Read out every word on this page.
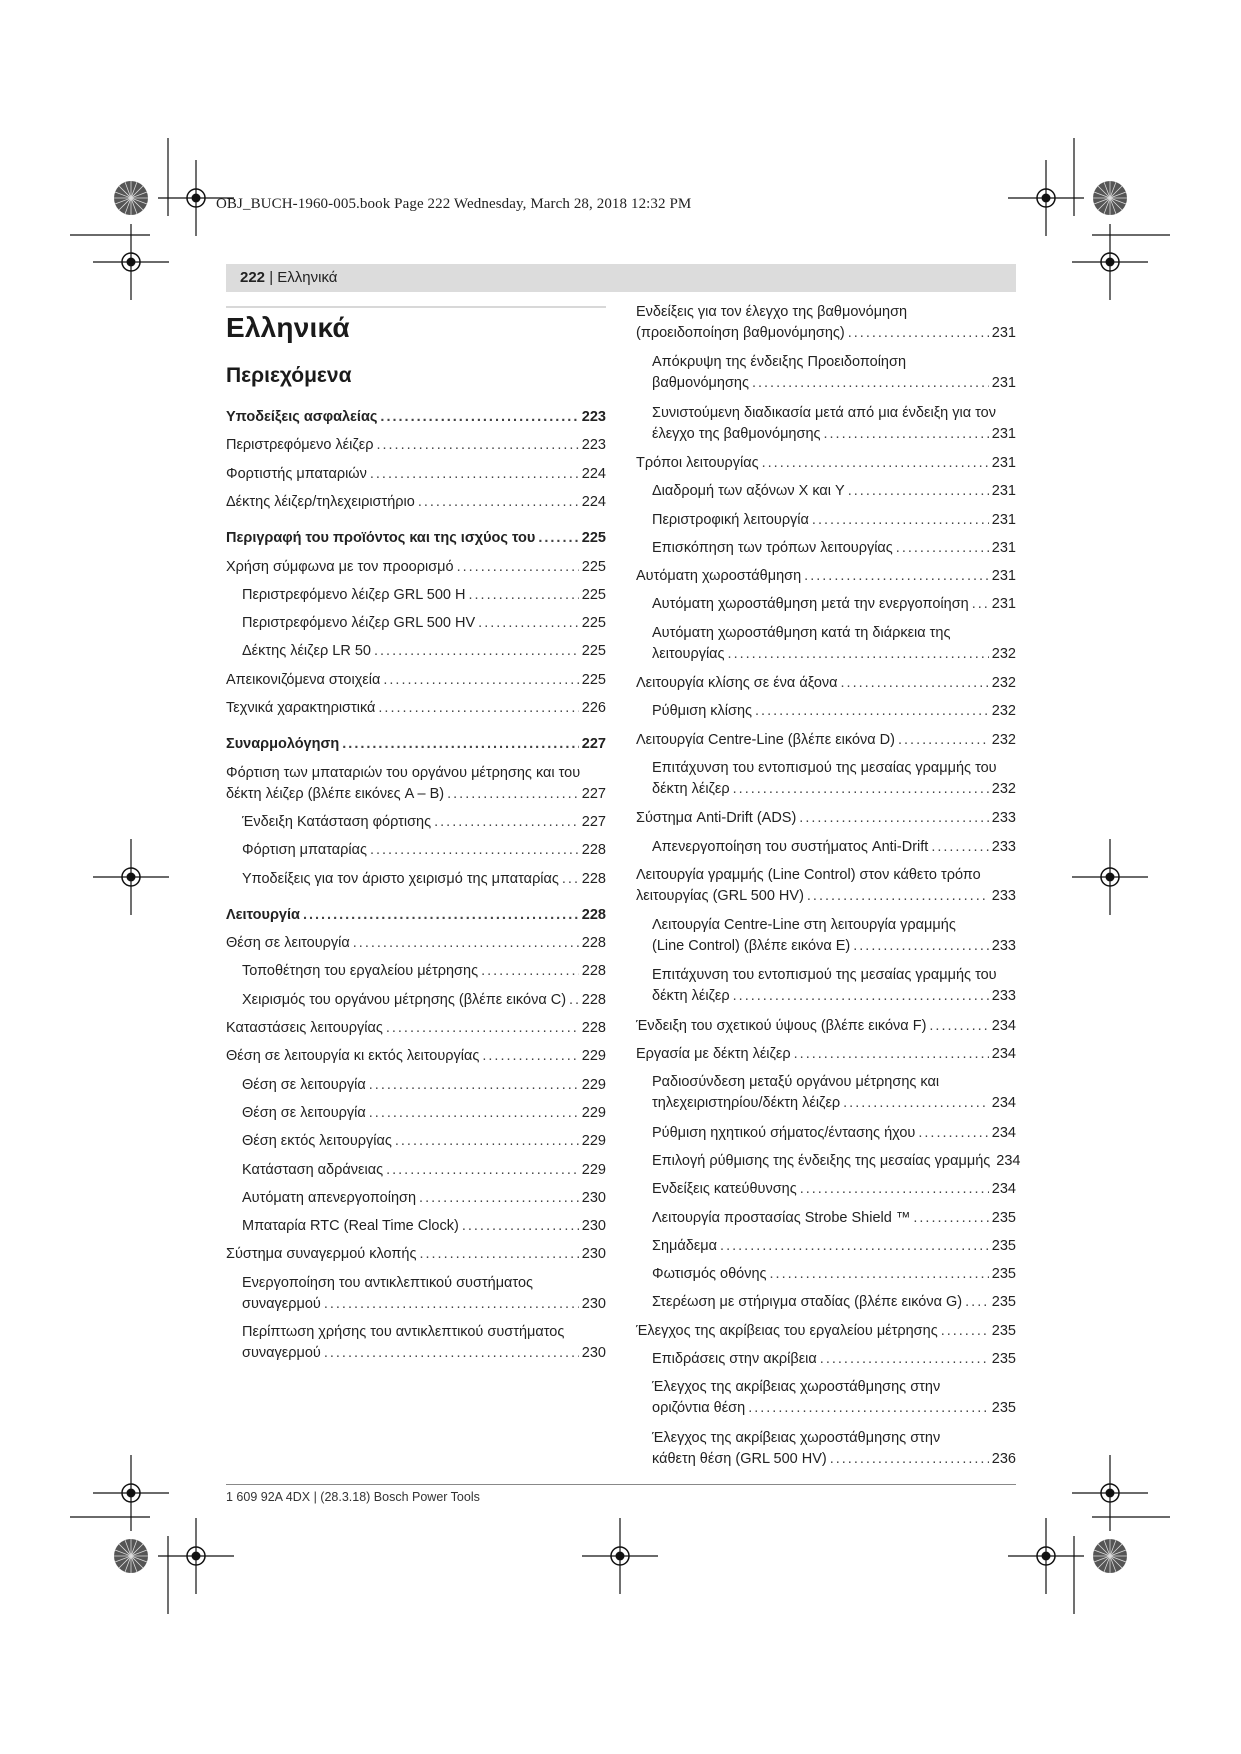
OBJ_BUCH-1960-005.book Page 222 Wednesday, March 28, 2018 12:32 PM
222 | Ελληνικά
Ελληνικά
Περιεχόμενα
Υποδείξεις ασφαλείας .....	223
Περιστρεφόμενο λέιζερ .....	223
Φορτιστής μπαταριών .....	224
Δέκτης λέιζερ/τηλεχειριστήριο .....	224
Περιγραφή του προϊόντος και της ισχύος του .....	225
Χρήση σύμφωνα με τον προορισμό .....	225
Περιστρεφόμενο λέιζερ GRL 500 H .....	225
Περιστρεφόμενο λέιζερ GRL 500 HV .....	225
Δέκτης λέιζερ LR 50 .....	225
Απεικονιζόμενα στοιχεία .....	225
Τεχνικά χαρακτηριστικά .....	226
Συναρμολόγηση .....	227
Φόρτιση των μπαταριών του οργάνου μέτρησης και του
δέκτη λέιζερ (βλέπε εικόνες A – B) .....	227
Ένδειξη Κατάσταση φόρτισης .....	227
Φόρτιση μπαταρίας .....	228
Υποδείξεις για τον άριστο χειρισμό της μπαταρίας ..... 228
Λειτουργία .....	228
Θέση σε λειτουργία .....	228
Τοποθέτηση του εργαλείου μέτρησης .....	228
Χειρισμός του οργάνου μέτρησης (βλέπε εικόνα C) ..... 228
Καταστάσεις λειτουργίας .....	228
Θέση σε λειτουργία κι εκτός λειτουργίας .....	229
Θέση σε λειτουργία .....	229
Θέση σε λειτουργία .....	229
Θέση εκτός λειτουργίας .....	229
Κατάσταση αδράνειας .....	229
Αυτόματη απενεργοποίηση .....	230
Μπαταρία RTC (Real Time Clock) .....	230
Σύστημα συναγερμού κλοπής .....	230
Ενεργοποίηση του αντικλεπτικού συστήματος
συναγερμού .....	230
Περίπτωση χρήσης του αντικλεπτικού συστήματος
συναγερμού .....	230
Ενδείξεις για τον έλεγχο της βαθμονόμηση
(προειδοποίηση βαθμονόμησης) .....	231
Απόκρυψη της ένδειξης Προειδοποίηση
βαθμονόμησης .....	231
Συνιστούμενη διαδικασία μετά από μια ένδειξη για τον
έλεγχο της βαθμονόμησης .....	231
Τρόποι λειτουργίας .....	231
Διαδρομή των αξόνων X και Y .....	231
Περιστροφική λειτουργία .....	231
Επισκόπηση των τρόπων λειτουργίας .....	231
Αυτόματη χωροστάθμηση .....	231
Αυτόματη χωροστάθμηση μετά την ενεργοποίηση ..... 231
Αυτόματη χωροστάθμηση κατά τη διάρκεια της
λειτουργίας .....	232
Λειτουργία κλίσης σε ένα άξονα .....	232
Ρύθμιση κλίσης .....	232
Λειτουργία Centre-Line (βλέπε εικόνα D) .....	232
Επιτάχυνση του εντοπισμού της μεσαίας γραμμής του
δέκτη λέιζερ .....	232
Σύστημα Anti-Drift (ADS) .....	233
Απενεργοποίηση του συστήματος Anti-Drift .....	233
Λειτουργία γραμμής (Line Control) στον κάθετο τρόπο
λειτουργίας (GRL 500 HV) .....	233
Λειτουργία Centre-Line στη λειτουργία γραμμής
(Line Control) (βλέπε εικόνα E) .....	233
Επιτάχυνση του εντοπισμού της μεσαίας γραμμής του
δέκτη λέιζερ .....	233
Ένδειξη του σχετικού ύψους (βλέπε εικόνα F) .....	234
Εργασία με δέκτη λέιζερ .....	234
Ραδιοσύνδεση μεταξύ οργάνου μέτρησης και
τηλεχειριστηρίου/δέκτη λέιζερ .....	234
Ρύθμιση ηχητικού σήματος/έντασης ήχου .....	234
Επιλογή ρύθμισης της ένδειξης της μεσαίας γραμμής 234
Ενδείξεις κατεύθυνσης .....	234
Λειτουργία προστασίας Strobe Shield ™ .....	235
Σημάδεμα .....	235
Φωτισμός οθόνης .....	235
Στερέωση με στήριγμα σταδίας (βλέπε εικόνα G) ..... 235
Έλεγχος της ακρίβειας του εργαλείου μέτρησης .....	235
Επιδράσεις στην ακρίβεια .....	235
Έλεγχος της ακρίβειας χωροστάθμησης στην
οριζόντια θέση .....	235
Έλεγχος της ακρίβειας χωροστάθμησης στην
κάθετη θέση (GRL 500 HV) .....	236
1 609 92A 4DX | (28.3.18) Bosch Power Tools
